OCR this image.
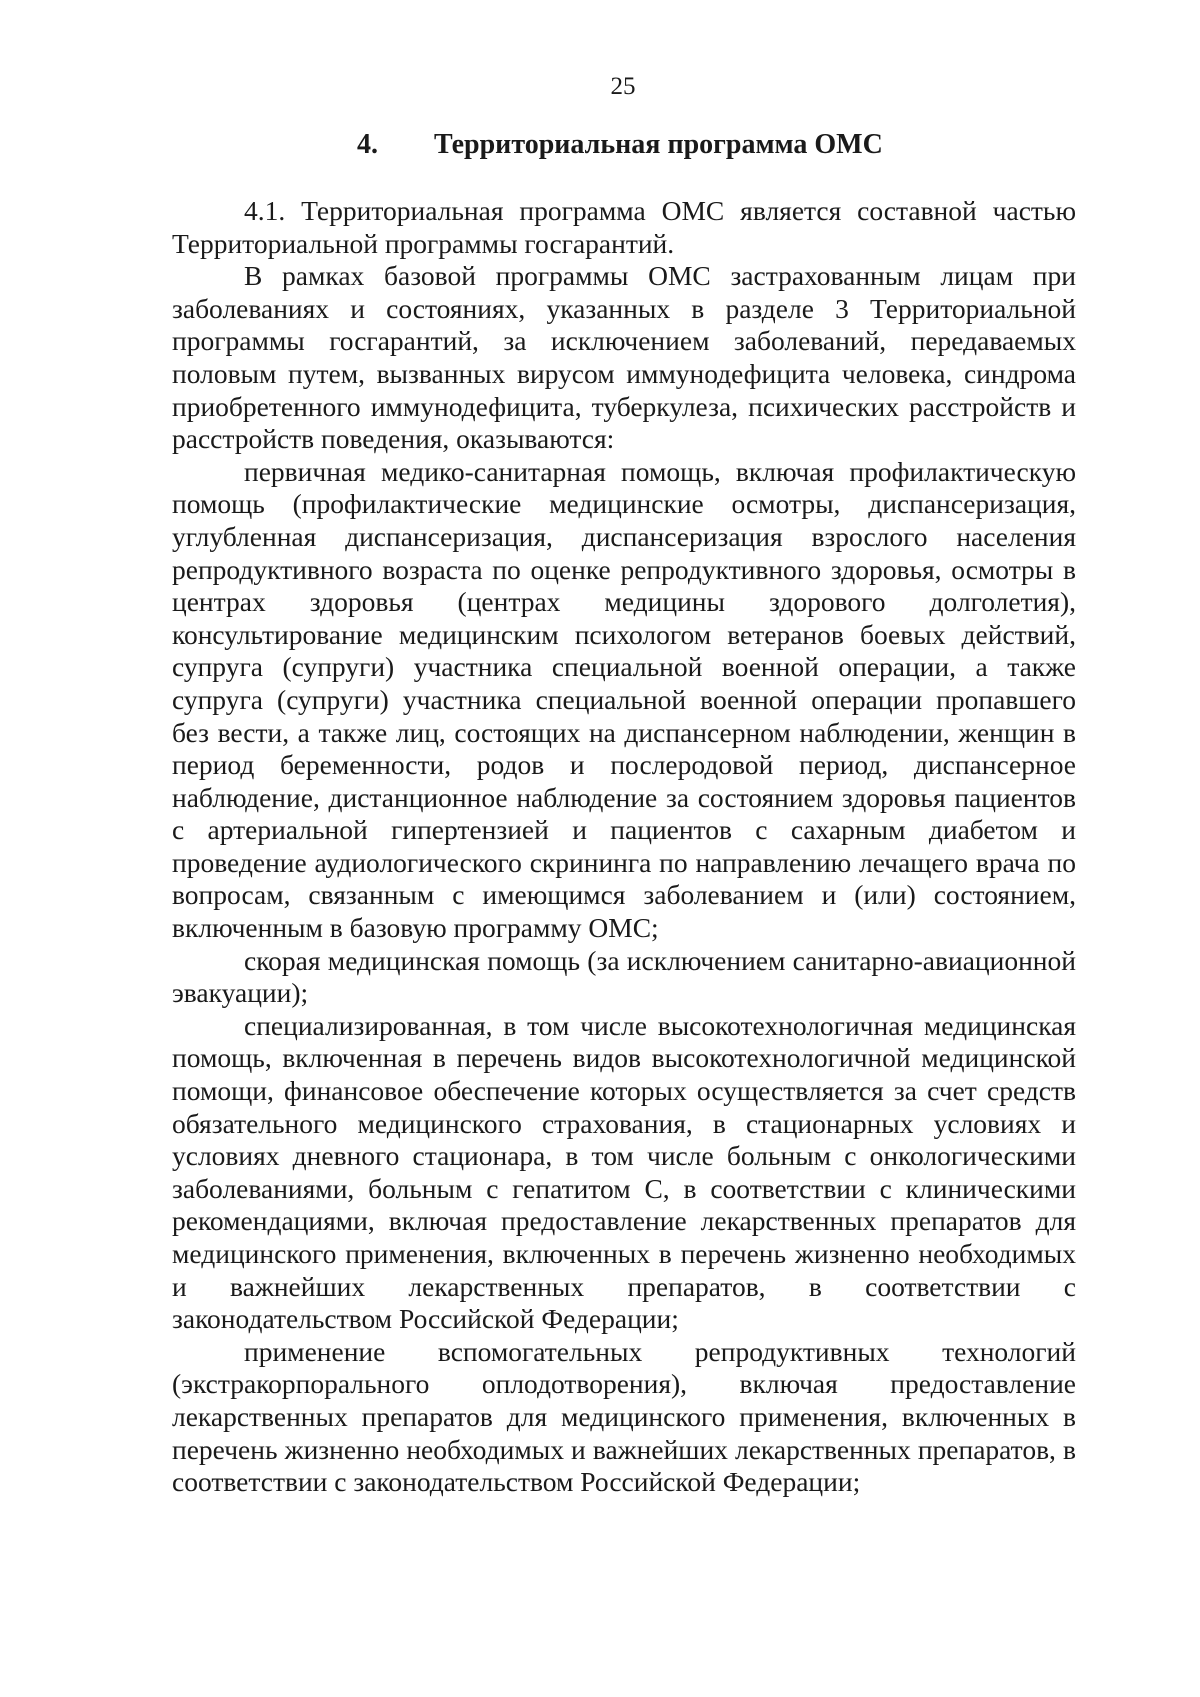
25
4. Территориальная программа ОМС

4.1. Территориальная программа ОМС является составной частью Территориальной программы госгарантий.

В рамках базовой программы ОМС застрахованным лицам при заболеваниях и состояниях, указанных в разделе 3 Территориальной программы госгарантий, за исключением заболеваний, передаваемых половым путем, вызванных вирусом иммунодефицита человека, синдрома приобретенного иммунодефицита, туберкулеза, психических расстройств и расстройств поведения, оказываются:

первичная медико-санитарная помощь, включая профилактическую помощь (профилактические медицинские осмотры, диспансеризация, углубленная диспансеризация, диспансеризация взрослого населения репродуктивного возраста по оценке репродуктивного здоровья, осмотры в центрах здоровья (центрах медицины здорового долголетия), консультирование медицинским психологом ветеранов боевых действий, супруга (супруги) участника специальной военной операции, а также супруга (супруги) участника специальной военной операции пропавшего без вести, а также лиц, состоящих на диспансерном наблюдении, женщин в период беременности, родов и послеродовой период, диспансерное наблюдение, дистанционное наблюдение за состоянием здоровья пациентов с артериальной гипертензией и пациентов с сахарным диабетом и проведение аудиологического скрининга по направлению лечащего врача по вопросам, связанным с имеющимся заболеванием и (или) состоянием, включенным в базовую программу ОМС;

скорая медицинская помощь (за исключением санитарно-авиационной эвакуации);

специализированная, в том числе высокотехнологичная медицинская помощь, включенная в перечень видов высокотехнологичной медицинской помощи, финансовое обеспечение которых осуществляется за счет средств обязательного медицинского страхования, в стационарных условиях и условиях дневного стационара, в том числе больным с онкологическими заболеваниями, больным с гепатитом С, в соответствии с клиническими рекомендациями, включая предоставление лекарственных препаратов для медицинского применения, включенных в перечень жизненно необходимых и важнейших лекарственных препаратов, в соответствии с законодательством Российской Федерации;

применение вспомогательных репродуктивных технологий (экстракорпорального оплодотворения), включая предоставление лекарственных препаратов для медицинского применения, включенных в перечень жизненно необходимых и важнейших лекарственных препаратов, в соответствии с законодательством Российской Федерации;
